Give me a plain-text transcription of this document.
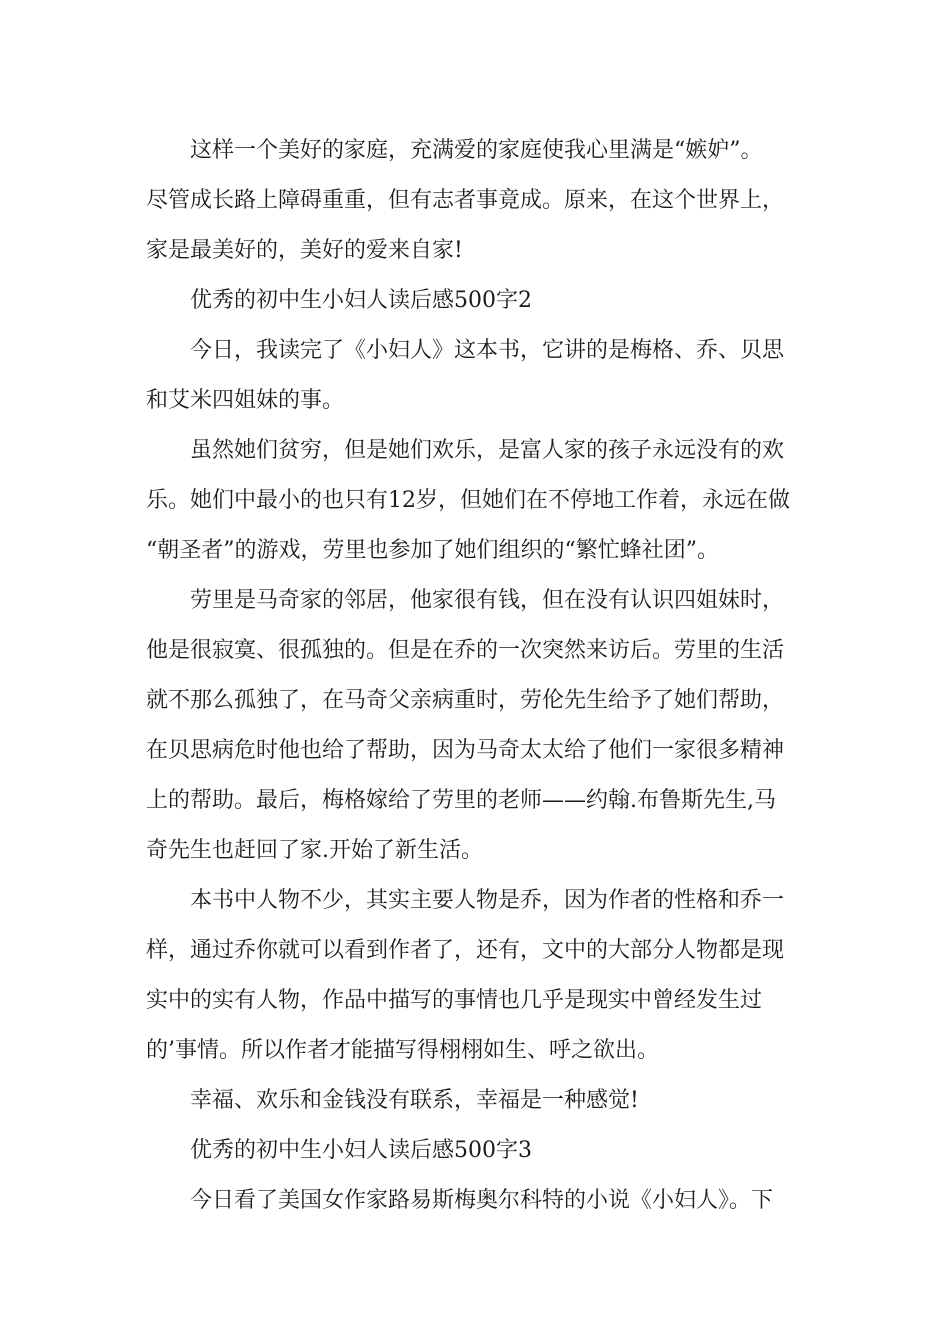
这样一个美好的家庭，充满爱的家庭使我心里满是“嫉妒”。

尽管成长路上障碍重重，但有志者事竟成。原来，在这个世界上，

家是最美好的，美好的爱来自家!

优秀的初中生小妇人读后感500字2

今日，我读完了《小妇人》这本书，它讲的是梅格、乔、贝思

和艾米四姐妹的事。

虽然她们贫穷，但是她们欢乐，是富人家的孩子永远没有的欢

乐。她们中最小的也只有12岁，但她们在不停地工作着，永远在做

“朝圣者”的游戏，劳里也参加了她们组织的“繁忙蜂社团”。

劳里是马奇家的邻居，他家很有钱，但在没有认识四姐妹时，

他是很寂寞、很孤独的。但是在乔的一次突然来访后。劳里的生活

就不那么孤独了，在马奇父亲病重时，劳伦先生给予了她们帮助，

在贝思病危时他也给了帮助，因为马奇太太给了他们一家很多精神

上的帮助。最后，梅格嫁给了劳里的老师——约翰.布鲁斯先生,马

奇先生也赶回了家.开始了新生活。

本书中人物不少，其实主要人物是乔，因为作者的性格和乔一

样，通过乔你就可以看到作者了，还有，文中的大部分人物都是现

实中的实有人物，作品中描写的事情也几乎是现实中曾经发生过

的’事情。所以作者才能描写得栩栩如生、呼之欲出。

幸福、欢乐和金钱没有联系，幸福是一种感觉!

优秀的初中生小妇人读后感500字3

今日看了美国女作家路易斯梅奥尔科特的小说《小妇人》。下
